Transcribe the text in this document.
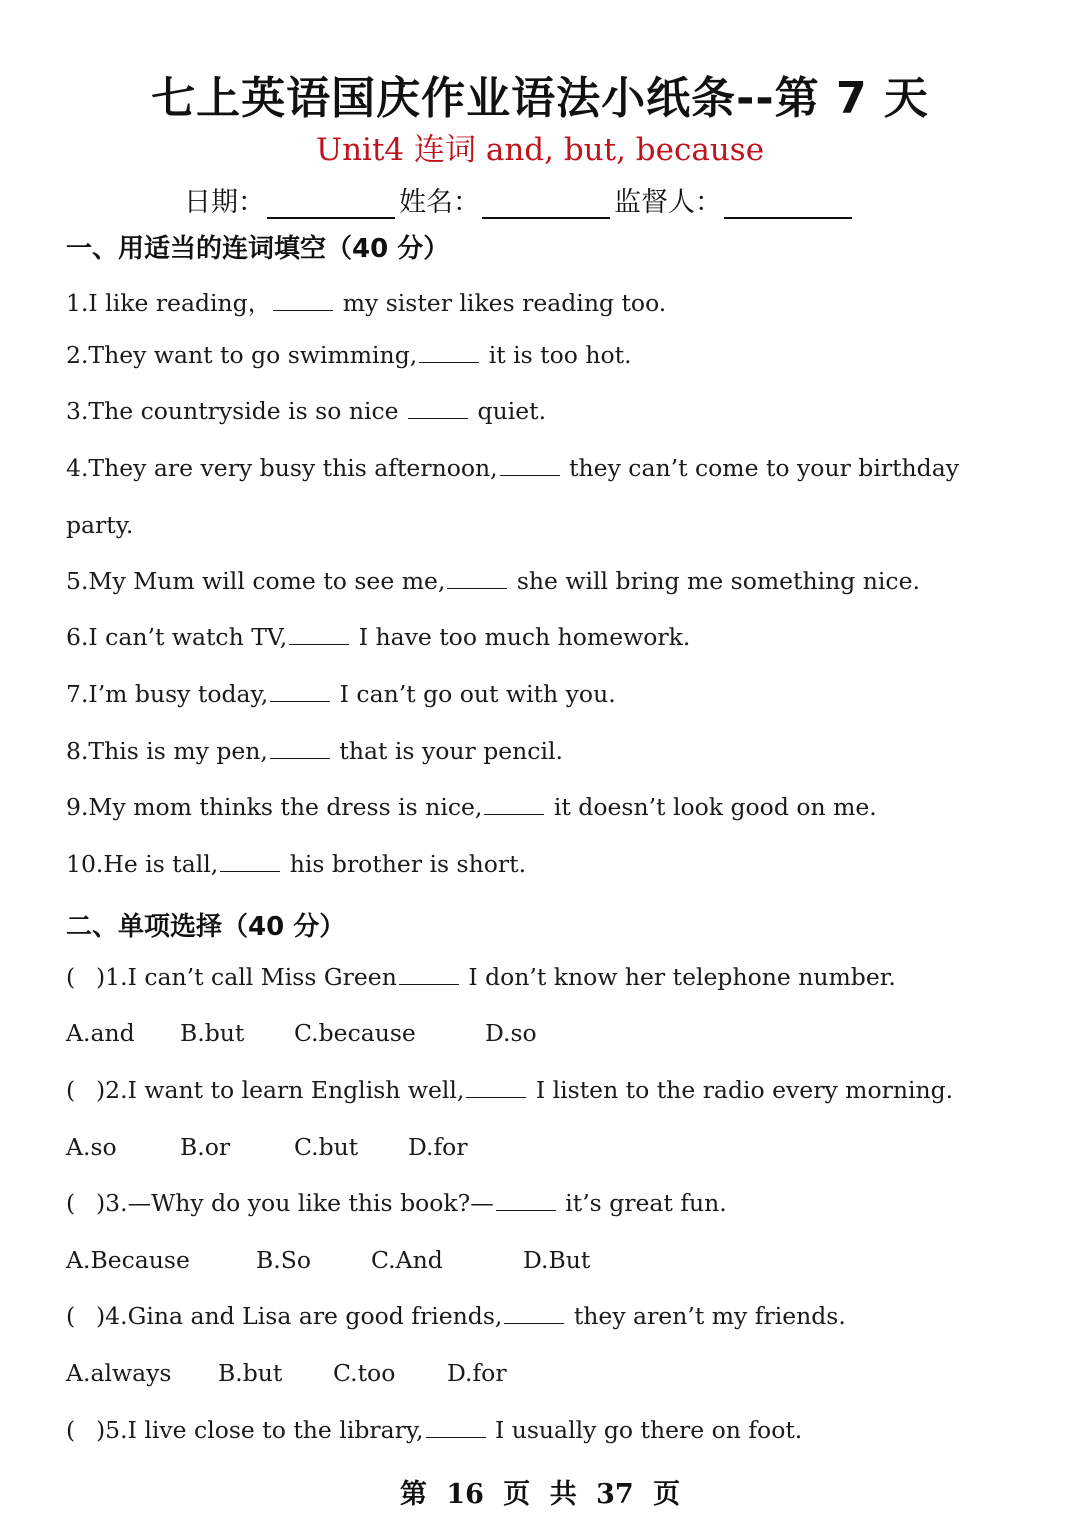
七上英语国庆作业语法小纸条--第 7 天
Unit4 连词 and, but, because
日期：	姓名：	监督人：
一、用适当的连词填空（40 分）
1.I like reading，	my sister likes reading too.
2.They want to go swimming,	it is too hot.
3.The countryside is so nice	quiet.
4.They are very busy this afternoon,	they can’t come to your birthday
party.
5.My Mum will come to see me,	she will bring me something nice.
6.I can’t watch TV,	I have too much homework.
7.I’m busy today,	I can’t go out with you.
8.This is my pen,	that is your pencil.
9.My mom thinks the dress is nice,	it doesn’t look good on me.
10.He is tall,	his brother is short.
二、单项选择（40 分）
( )1.I can’t call Miss Green	I don’t know her telephone number.
A.and B.but C.because	D.so
( )2.I want to learn English well,	I listen to the radio every morning.
A.so	B.or	C.but D.for
( )3.—Why do you like this book?—	it’s great fun.
A.Because	B.So	C.And	D.But
( )4.Gina and Lisa are good friends,	they aren’t my friends.
A.always B.but C.too D.for
( )5.I live close to the library,	I usually go there on foot.
第 16 页 共 37 页
